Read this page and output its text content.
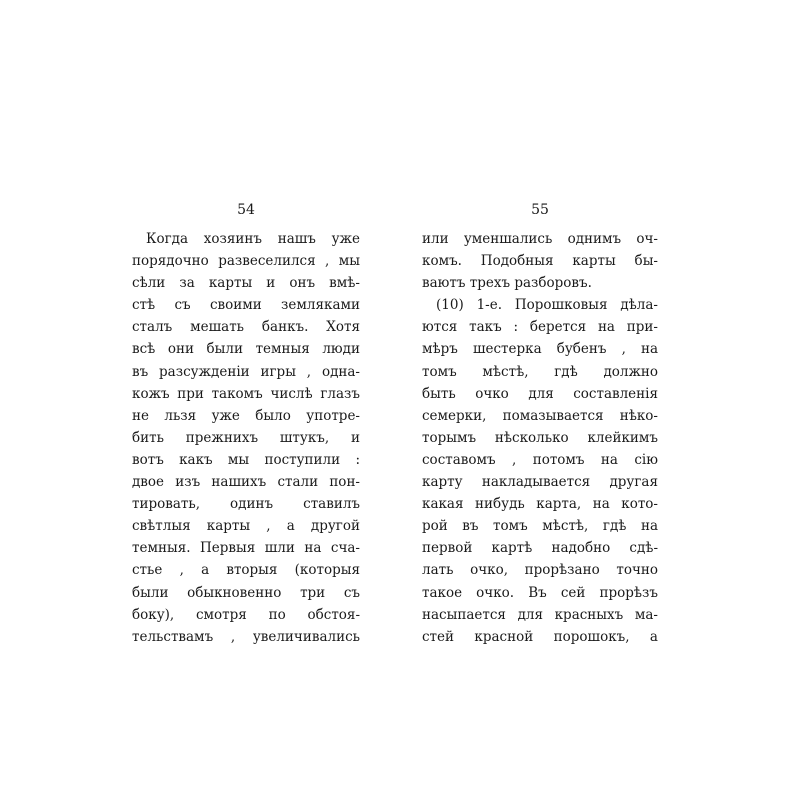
54
Когда хозяинъ нашъ уже
порядочно развеселился , мы
сѣли за карты и онъ вмѣ-
стѣ съ своими земляками
сталъ мешать банкъ. Хотя
всѣ они были темныя люди
въ разсужденіи игры , одна-
кожъ при такомъ числѣ глазъ
не льзя уже было употре-
бить прежнихъ штукъ, и
вотъ какъ мы поступили :
двое изъ нашихъ стали пон-
тировать, одинъ ставилъ
свѣтлыя карты , а другой
темныя. Первыя шли на сча-
стье , а вторыя (которыя
были обыкновенно три съ
боку), смотря по обстоя-
тельствамъ , увеличивались
55
или уменшались однимъ оч-
комъ. Подобныя карты бы-
ваютъ трехъ разборовъ.
(10) 1-е. Порошковыя дѣла-
ются такъ : берется на при-
мѣръ шестерка бубенъ , на
томъ мѣстѣ, гдѣ должно
быть очко для составленія
семерки, помазывается нѣко-
торымъ нѣсколько клейкимъ
составомъ , потомъ на сію
карту накладывается другая
какая нибудь карта, на кото-
рой въ томъ мѣстѣ, гдѣ на
первой картѣ надобно сдѣ-
лать очко, прорѣзано точно
такое очко. Въ сей прорѣзъ
насыпается для красныхъ ма-
стей красной порошокъ, а
